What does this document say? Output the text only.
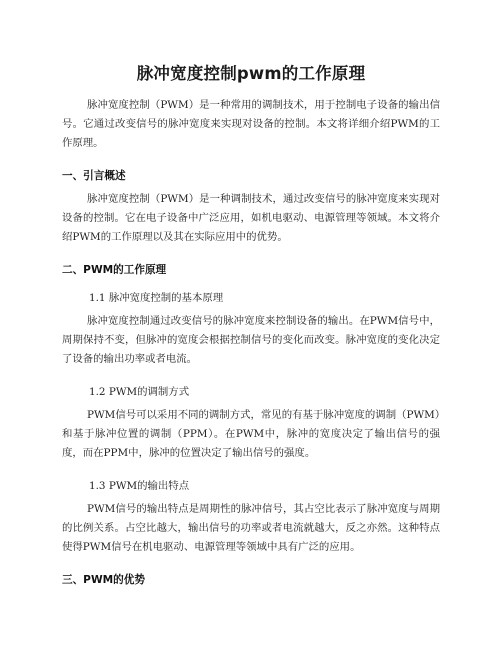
脉冲宽度控制pwm的工作原理

脉冲宽度控制（PWM）是一种常用的调制技术，用于控制电子设备的输出信号。它通过改变信号的脉冲宽度来实现对设备的控制。本文将详细介绍PWM的工作原理。

一、引言概述

脉冲宽度控制（PWM）是一种调制技术，通过改变信号的脉冲宽度来实现对设备的控制。它在电子设备中广泛应用，如机电驱动、电源管理等领域。本文将介绍PWM的工作原理以及其在实际应用中的优势。

二、PWM的工作原理

1.1 脉冲宽度控制的基本原理

脉冲宽度控制通过改变信号的脉冲宽度来控制设备的输出。在PWM信号中，周期保持不变，但脉冲的宽度会根据控制信号的变化而改变。脉冲宽度的变化决定了设备的输出功率或者电流。

1.2 PWM的调制方式

PWM信号可以采用不同的调制方式，常见的有基于脉冲宽度的调制（PWM）和基于脉冲位置的调制（PPM）。在PWM中，脉冲的宽度决定了输出信号的强度，而在PPM中，脉冲的位置决定了输出信号的强度。

1.3 PWM的输出特点

PWM信号的输出特点是周期性的脉冲信号，其占空比表示了脉冲宽度与周期的比例关系。占空比越大，输出信号的功率或者电流就越大，反之亦然。这种特点使得PWM信号在机电驱动、电源管理等领域中具有广泛的应用。

三、PWM的优势
